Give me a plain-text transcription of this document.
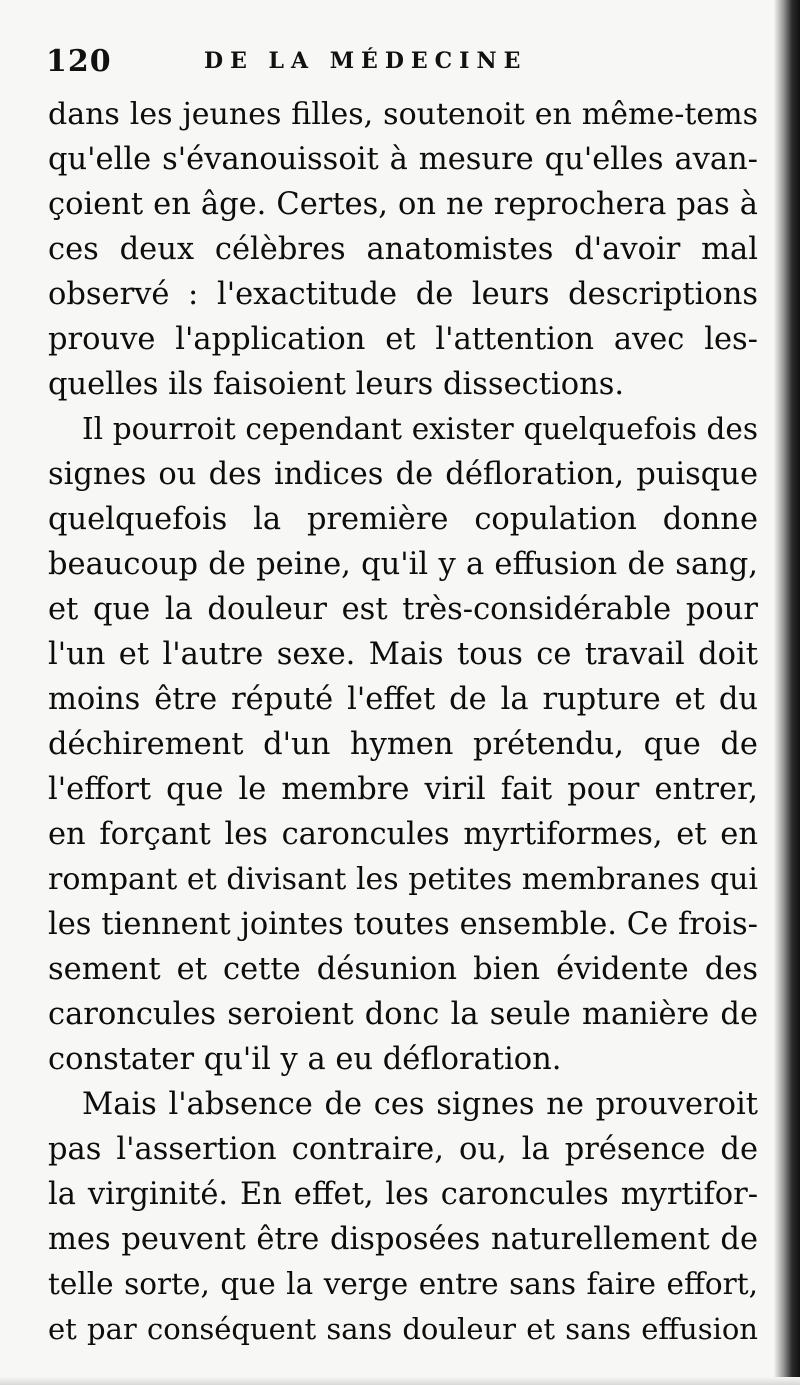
120	DE LA MÉDECINE
dans les jeunes filles, soutenoit en même-tems
qu'elle s'évanouissoit à mesure qu'elles avan-
çoient en âge. Certes, on ne reprochera pas à
ces deux célèbres anatomistes d'avoir mal
observé : l'exactitude de leurs descriptions
prouve l'application et l'attention avec les-
quelles ils faisoient leurs dissections.
Il pourroit cependant exister quelquefois des
signes ou des indices de défloration, puisque
quelquefois la première copulation donne
beaucoup de peine, qu'il y a effusion de sang,
et que la douleur est très-considérable pour
l'un et l'autre sexe. Mais tous ce travail doit
moins être réputé l'effet de la rupture et du
déchirement d'un hymen prétendu, que de
l'effort que le membre viril fait pour entrer,
en forçant les caroncules myrtiformes, et en
rompant et divisant les petites membranes qui
les tiennent jointes toutes ensemble. Ce frois-
sement et cette désunion bien évidente des
caroncules seroient donc la seule manière de
constater qu'il y a eu défloration.
Mais l'absence de ces signes ne prouveroit
pas l'assertion contraire, ou, la présence de
la virginité. En effet, les caroncules myrtifor-
mes peuvent être disposées naturellement de
telle sorte, que la verge entre sans faire effort,
et par conséquent sans douleur et sans effusion
